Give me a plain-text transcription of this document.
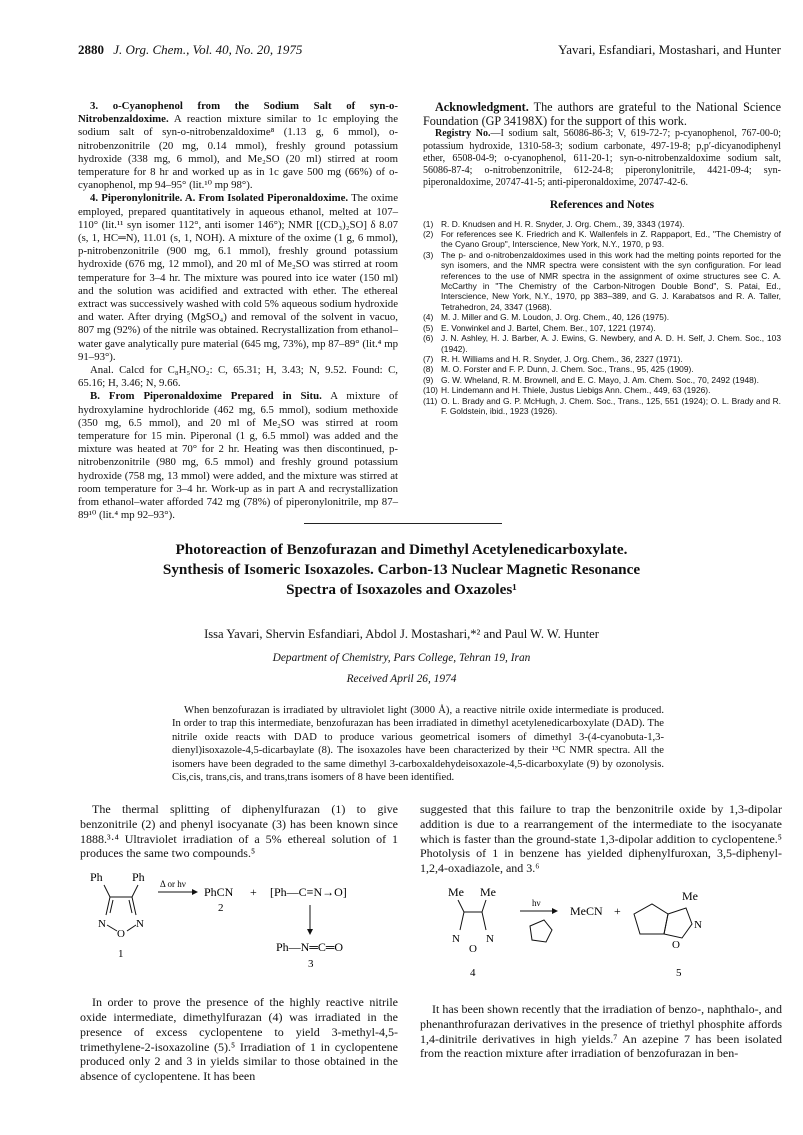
2880 J. Org. Chem., Vol. 40, No. 20, 1975	Yavari, Esfandiari, Mostashari, and Hunter

3. o-Cyanophenol from the Sodium Salt of syn-o-Nitrobenzaldoxime. A reaction mixture similar to 1c employing the sodium salt of syn-o-nitrobenzaldoxime⁸ (1.13 g, 6 mmol), o-nitrobenzonitrile (20 mg, 0.14 mmol), freshly ground potassium hydroxide (338 mg, 6 mmol), and Me₂SO (20 ml) stirred at room temperature for 8 hr and worked up as in 1c gave 500 mg (66%) of o-cyanophenol, mp 94–95° (lit.¹⁰ mp 98°).

4. Piperonylonitrile. A. From Isolated Piperonaldoxime. The oxime employed, prepared quantitatively in aqueous ethanol, melted at 107–110° (lit.¹¹ syn isomer 112°, anti isomer 146°); NMR [(CD₃)₂SO] δ 8.07 (s, 1, HC═N), 11.01 (s, 1, NOH). A mixture of the oxime (1 g, 6 mmol), p-nitrobenzonitrile (900 mg, 6.1 mmol), freshly ground potassium hydroxide (676 mg, 12 mmol), and 20 ml of Me₂SO was stirred at room temperature for 3–4 hr. The mixture was poured into ice water (150 ml) and the solution was acidified and extracted with ether. The ethereal extract was successively washed with cold 5% aqueous sodium hydroxide and water. After drying (MgSO₄) and removal of the solvent in vacuo, 807 mg (92%) of the nitrile was obtained. Recrystallization from ethanol–water gave analytically pure material (645 mg, 73%), mp 87–89° (lit.⁴ mp 91–93°).

Anal. Calcd for C₈H₅NO₂: C, 65.31; H, 3.43; N, 9.52. Found: C, 65.16; H, 3.46; N, 9.66.

B. From Piperonaldoxime Prepared in Situ. A mixture of hydroxylamine hydrochloride (462 mg, 6.5 mmol), sodium methoxide (350 mg, 6.5 mmol), and 20 ml of Me₂SO was stirred at room temperature for 15 min. Piperonal (1 g, 6.5 mmol) was added and the mixture was heated at 70° for 2 hr. Heating was then discontinued, p-nitrobenzonitrile (980 mg, 6.5 mmol) and freshly ground potassium hydroxide (758 mg, 13 mmol) were added, and the mixture was stirred at room temperature for 3–4 hr. Work-up as in part A and recrystallization from ethanol–water afforded 742 mg (78%) of piperonylonitrile, mp 87–89¹⁰ (lit.⁴ mp 92–93°).

Acknowledgment. The authors are grateful to the National Science Foundation (GP 34198X) for the support of this work.

Registry No.—I sodium salt, 56086-86-3; V, 619-72-7; p-cyanophenol, 767-00-0; potassium hydroxide, 1310-58-3; sodium carbonate, 497-19-8; p,p′-dicyanodiphenyl ether, 6508-04-9; o-cyanophenol, 611-20-1; syn-o-nitrobenzaldoxime sodium salt, 56086-87-4; o-nitrobenzonitrile, 612-24-8; piperonylonitrile, 4421-09-4; syn-piperonaldoxime, 20747-41-5; anti-piperonaldoxime, 20747-42-6.

References and Notes
(1) R. D. Knudsen and H. R. Snyder, J. Org. Chem., 39, 3343 (1974).
(2) For references see K. Friedrich and K. Wallenfels in Z. Rappaport, Ed., "The Chemistry of the Cyano Group", Interscience, New York, N.Y., 1970, p 93.
(3) The p- and o-nitrobenzaldoximes used in this work had the melting points reported for the syn isomers, and the NMR spectra were consistent with the syn configuration. For lead references to the use of NMR spectra in the assignment of oxime structures see C. A. McCarthy in "The Chemistry of the Carbon-Nitrogen Double Bond", S. Patai, Ed., Interscience, New York, N.Y., 1970, pp 383–389, and G. J. Karabatsos and R. A. Taller, Tetrahedron, 24, 3347 (1968).
(4) M. J. Miller and G. M. Loudon, J. Org. Chem., 40, 126 (1975).
(5) E. Vonwinkel and J. Bartel, Chem. Ber., 107, 1221 (1974).
(6) J. N. Ashley, H. J. Barber, A. J. Ewins, G. Newbery, and A. D. H. Self, J. Chem. Soc., 103 (1942).
(7) R. H. Williams and H. R. Snyder, J. Org. Chem., 36, 2327 (1971).
(8) M. O. Forster and F. P. Dunn, J. Chem. Soc., Trans., 95, 425 (1909).
(9) G. W. Wheland, R. M. Brownell, and E. C. Mayo, J. Am. Chem. Soc., 70, 2492 (1948).
(10) H. Lindemann and H. Thiele, Justus Liebigs Ann. Chem., 449, 63 (1926).
(11) O. L. Brady and G. P. McHugh, J. Chem. Soc., Trans., 125, 551 (1924); O. L. Brady and R. F. Goldstein, ibid., 1923 (1926).
Photoreaction of Benzofurazan and Dimethyl Acetylenedicarboxylate.
Synthesis of Isomeric Isoxazoles. Carbon-13 Nuclear Magnetic Resonance
Spectra of Isoxazoles and Oxazoles¹
Issa Yavari, Shervin Esfandiari, Abdol J. Mostashari,*² and Paul W. W. Hunter
Department of Chemistry, Pars College, Tehran 19, Iran
Received April 26, 1974
When benzofurazan is irradiated by ultraviolet light (3000 Å), a reactive nitrile oxide intermediate is produced. In order to trap this intermediate, benzofurazan has been irradiated in dimethyl acetylenedicarboxylate (DAD). The nitrile oxide reacts with DAD to produce various geometrical isomers of dimethyl 3-(4-cyanobuta-1,3-dienyl)isoxazole-4,5-dicarbaylate (8). The isoxazoles have been characterized by their ¹³C NMR spectra. All the isomers have been degraded to the same dimethyl 3-carboxaldehydeisoxazole-4,5-dicarboxylate (9) by ozonolysis. Cis,cis, trans,cis, and trans,trans isomers of 8 have been identified.

The thermal splitting of diphenylfurazan (1) to give benzonitrile (2) and phenyl isocyanate (3) has been known since 1888.³·⁴ Ultraviolet irradiation of a 5% ethereal solution of 1 produces the same two compounds.⁵

Ph Ph
N
O
N
1
Δ or hν
PhCN
2
+ [Ph—C≡N→O]
Ph—N═C═O
3

In order to prove the presence of the highly reactive nitrile oxide intermediate, dimethylfurazan (4) was irradiated in the presence of excess cyclopentene to yield 3-methyl-4,5-trimethylene-2-isoxazoline (5).⁵ Irradiation of 1 in cyclopentene produced only 2 and 3 in yields similar to those obtained in the absence of cyclopentene. It has been

suggested that this failure to trap the benzonitrile oxide by 1,3-dipolar addition is due to a rearrangement of the intermediate to the isocyanate which is faster than the ground-state 1,3-dipolar addition to cyclopentene.⁵ Photolysis of 1 in benzene has yielded diphenylfuroxan, 3,5-diphenyl-1,2,4-oxadiazole, and 3.⁶

Me Me
N
O
N
4
hν
MeCN +
Me
N
O
5

It has been shown recently that the irradiation of benzo-, naphthalo-, and phenanthrofurazan derivatives in the presence of triethyl phosphite affords 1,4-dinitrile derivatives in high yields.⁷ An azepine 7 has been isolated from the reaction mixture after irradiation of benzofurazan in ben-
